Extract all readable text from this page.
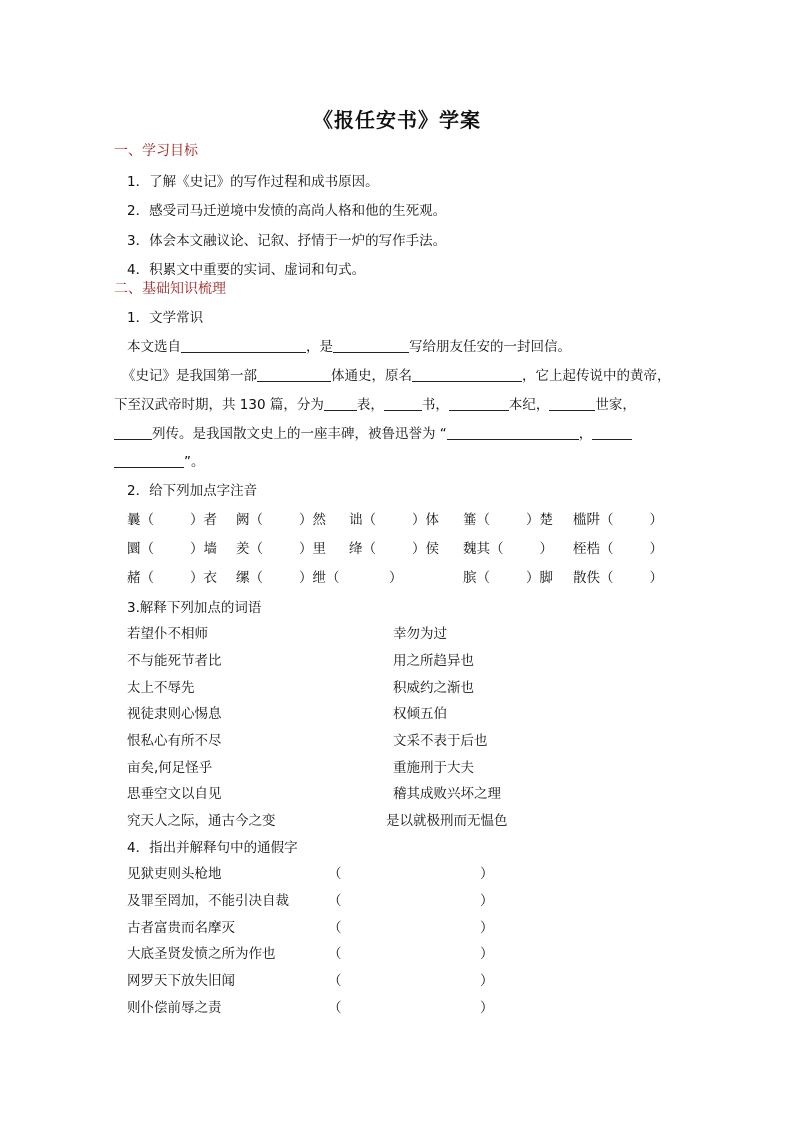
《报任安书》学案
一、学习目标
1．了解《史记》的写作过程和成书原因。
2．感受司马迁逆境中发愤的高尚人格和他的生死观。
3．体会本文融议论、记叙、抒情于一炉的写作手法。
4．积累文中重要的实词、虚词和句式。
二、基础知识梳理
1．文学常识
本文选自	，是	写给朋友任安的一封回信。
《史记》是我国第一部	体通史，原名	，它上起传说中的黄帝，
下至汉武帝时期，共 130 篇，分为 表，	书，	本纪，	世家，
列传。是我国散文史上的一座丰碑，被鲁迅誉为 “	，
”。
2．给下列加点字注音
曩（	）者 阙（	）然 诎（	）体 箠（	）楚 槛阱（	）
圜（	）墙 羑（	）里 绛（	）侯 魏其（	） 桎梏（	）
赭（	）衣 缧（	）绁（	）	膑（	）脚 散佚（	）
3.解释下列加点的词语
若望仆不相师	幸勿为过
不与能死节者比	用之所趋异也
太上不辱先	积威约之渐也
视徒隶则心惕息	权倾五伯
恨私心有所不尽	文采不表于后也
亩矣,何足怪乎	重施刑于大夫
思垂空文以自见	稽其成败兴坏之理
究天人之际，通古今之变	是以就极刑而无愠色
4．指出并解释句中的通假字
见狱吏则头枪地	（	）
及罪至罔加，不能引决自裁	（	）
古者富贵而名摩灭	（	）
大底圣贤发愤之所为作也	（	）
网罗天下放失旧闻	（	）
则仆偿前辱之责	（	）
